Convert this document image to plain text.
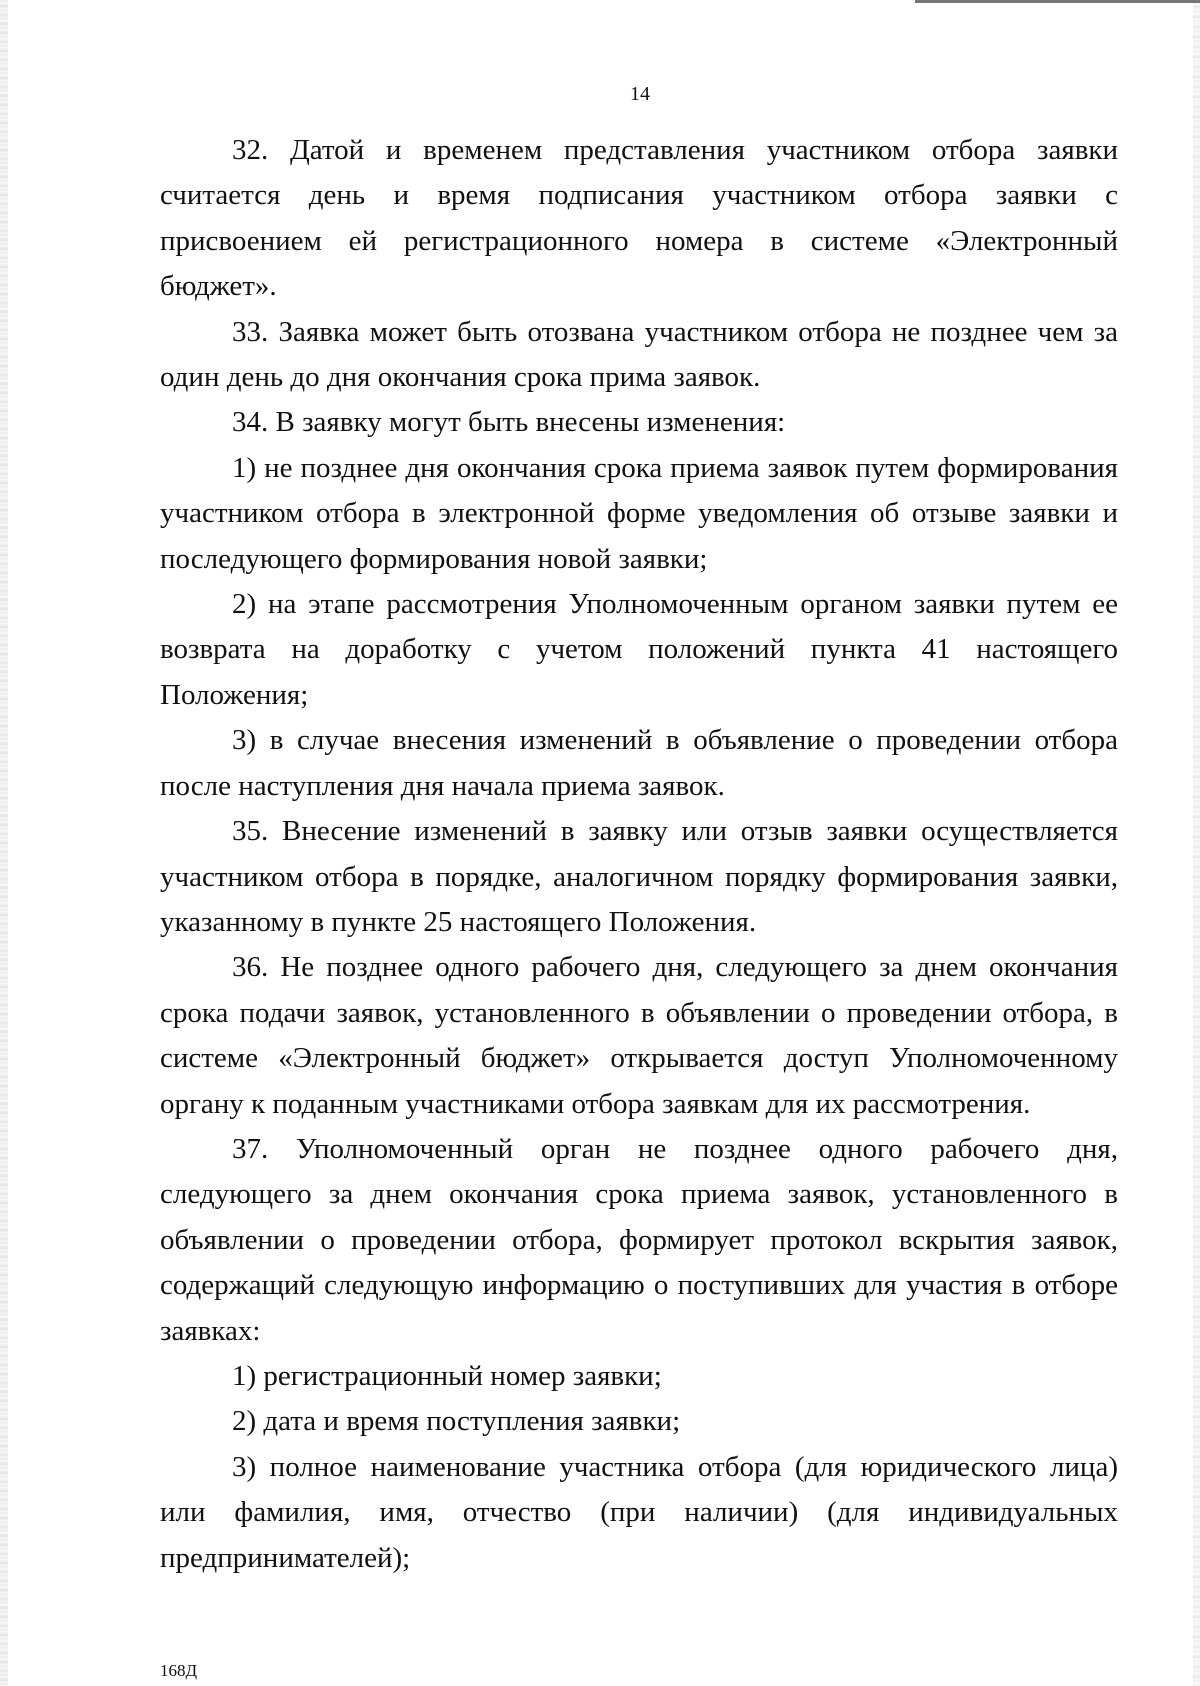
14

32. Датой и временем представления участником отбора заявки считается день и время подписания участником отбора заявки с присвоением ей регистрационного номера в системе «Электронный бюджет».

33. Заявка может быть отозвана участником отбора не позднее чем за один день до дня окончания срока прима заявок.

34. В заявку могут быть внесены изменения:

1) не позднее дня окончания срока приема заявок путем формирования участником отбора в электронной форме уведомления об отзыве заявки и последующего формирования новой заявки;

2) на этапе рассмотрения Уполномоченным органом заявки путем ее возврата на доработку с учетом положений пункта 41 настоящего Положения;

3) в случае внесения изменений в объявление о проведении отбора после наступления дня начала приема заявок.

35. Внесение изменений в заявку или отзыв заявки осуществляется участником отбора в порядке, аналогичном порядку формирования заявки, указанному в пункте 25 настоящего Положения.

36. Не позднее одного рабочего дня, следующего за днем окончания срока подачи заявок, установленного в объявлении о проведении отбора, в системе «Электронный бюджет» открывается доступ Уполномоченному органу к поданным участниками отбора заявкам для их рассмотрения.

37. Уполномоченный орган не позднее одного рабочего дня, следующего за днем окончания срока приема заявок, установленного в объявлении о проведении отбора, формирует протокол вскрытия заявок, содержащий следующую информацию о поступивших для участия в отборе заявках:

1) регистрационный номер заявки;

2) дата и время поступления заявки;

3) полное наименование участника отбора (для юридического лица) или фамилия, имя, отчество (при наличии) (для индивидуальных предпринимателей);

168Д
